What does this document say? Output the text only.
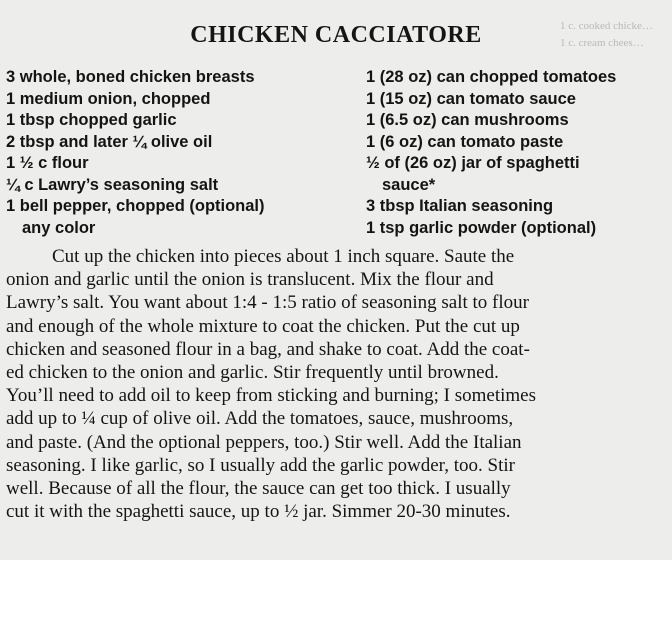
1 c. cooked chicke…
1 c. cream chees…
CHICKEN CACCIATORE
3 whole, boned chicken breasts
1 medium onion, chopped
1 tbsp chopped garlic
2 tbsp and later ¼ olive oil
1 ½ c flour
¼ c Lawry’s seasoning salt
1 bell pepper, chopped (optional)
any color
1 (28 oz) can chopped tomatoes
1 (15 oz) can tomato sauce
1 (6.5 oz) can mushrooms
1 (6 oz) can tomato paste
½ of (26 oz) jar of spaghetti
sauce*
3 tbsp Italian seasoning
1 tsp garlic powder (optional)
Cut up the chicken into pieces about 1 inch square. Saute the
onion and garlic until the onion is translucent. Mix the flour and
Lawry’s salt. You want about 1:4 - 1:5 ratio of seasoning salt to flour
and enough of the whole mixture to coat the chicken. Put the cut up
chicken and seasoned flour in a bag, and shake to coat. Add the coat-
ed chicken to the onion and garlic. Stir frequently until browned.
You’ll need to add oil to keep from sticking and burning; I sometimes
add up to ¼ cup of olive oil. Add the tomatoes, sauce, mushrooms,
and paste. (And the optional peppers, too.) Stir well. Add the Italian
seasoning. I like garlic, so I usually add the garlic powder, too. Stir
well. Because of all the flour, the sauce can get too thick. I usually
cut it with the spaghetti sauce, up to ½ jar. Simmer 20-30 minutes.
